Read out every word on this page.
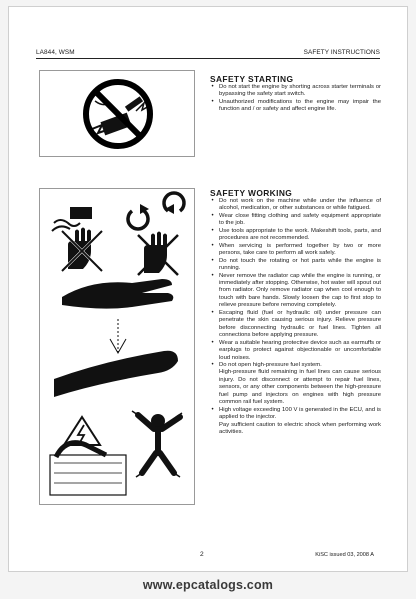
LA844, WSM	SAFETY INSTRUCTIONS
SAFETY STARTING
• Do not start the engine by shorting across starter terminals or bypassing the safety start switch.
• Unauthorized modifications to the engine may impair the function and / or safety and affect engine life.
SAFETY WORKING
• Do not work on the machine while under the influence of alcohol, medication, or other substances or while fatigued.
• Wear close fitting clothing and safety equipment appropriate to the job.
• Use tools appropriate to the work. Makeshift tools, parts, and procedures are not recommended.
• When servicing is performed together by two or more persons, take care to perform all work safely.
• Do not touch the rotating or hot parts while the engine is running.
• Never remove the radiator cap while the engine is running, or immediately after stopping. Otherwise, hot water will spout out from radiator. Only remove radiator cap when cool enough to touch with bare hands. Slowly loosen the cap to first stop to relieve pressure before removing completely.
• Escaping fluid (fuel or hydraulic oil) under pressure can penetrate the skin causing serious injury. Relieve pressure before disconnecting hydraulic or fuel lines. Tighten all connections before applying pressure.
• Wear a suitable hearing protective device such as earmuffs or earplugs to protect against objectionable or uncomfortable loud noises.
• Do not open high-pressure fuel system.
High-pressure fluid remaining in fuel lines can cause serious injury. Do not disconnect or attempt to repair fuel lines, sensors, or any other components between the high-pressure fuel pump and injectors on engines with high pressure common rail fuel system.
• High voltage exceeding 100 V is generated in the ECU, and is applied to the injector.
Pay sufficient caution to electric shock when performing work activities.
2	KiSC issued 03, 2008 A
www.epcatalogs.com
